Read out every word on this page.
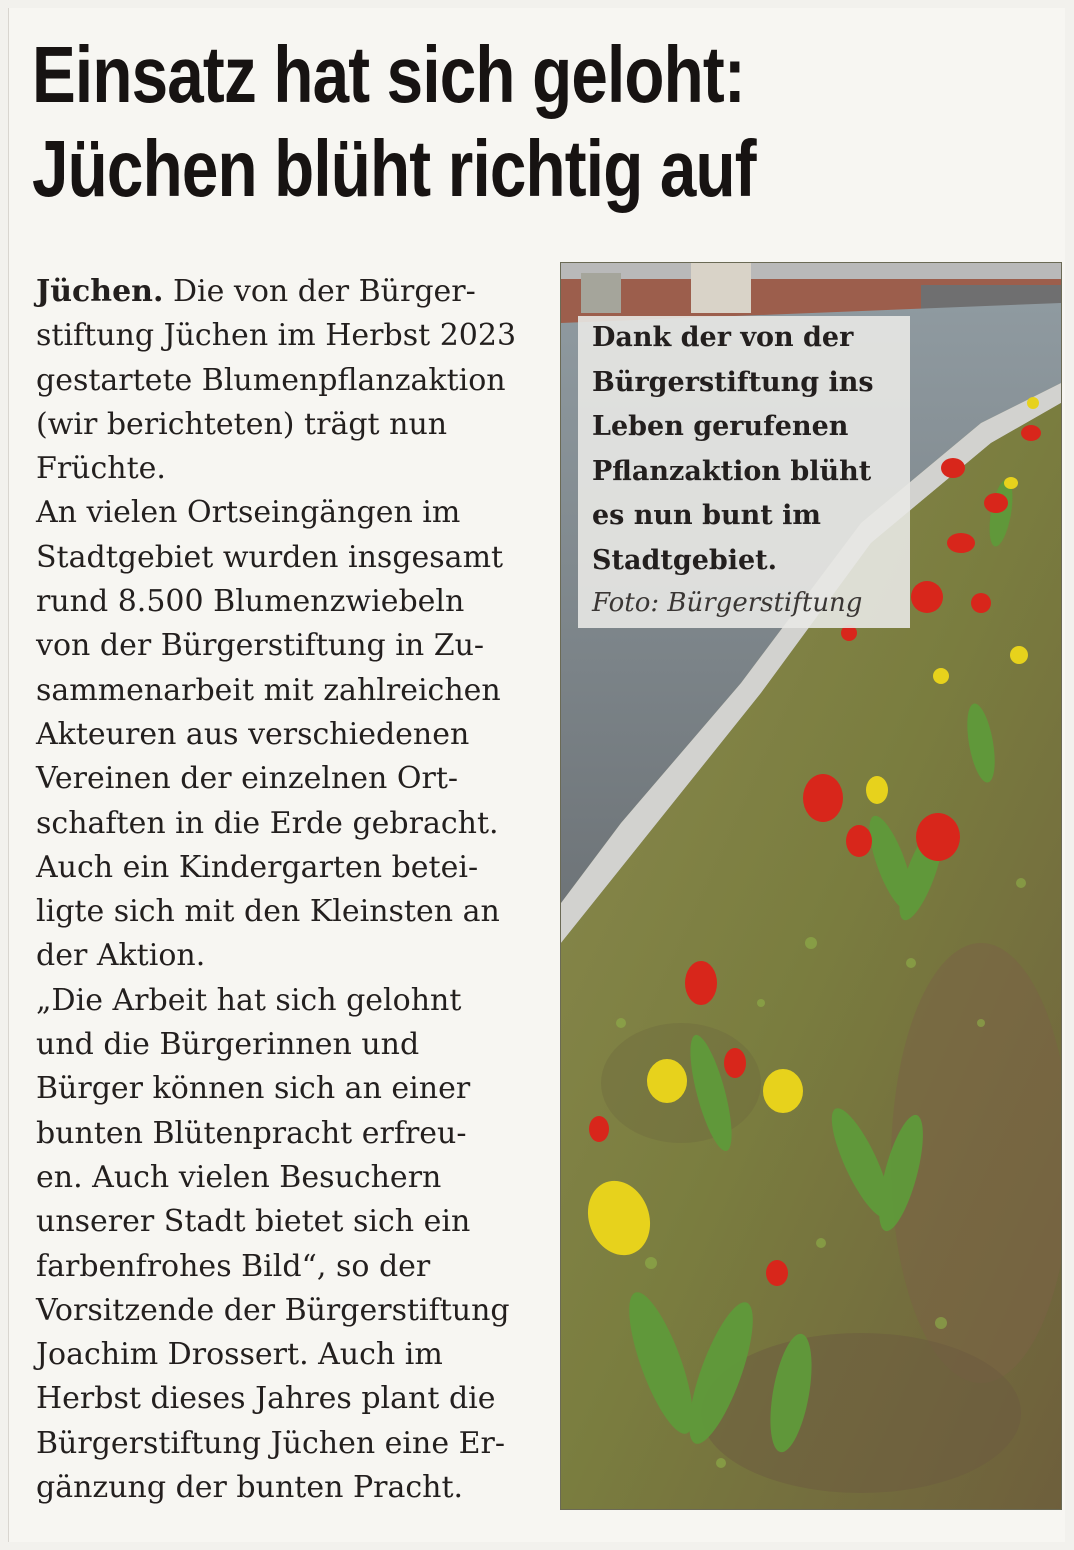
Einsatz hat sich geloht:
Jüchen blüht richtig auf
Jüchen. Die von der Bürger-
stiftung Jüchen im Herbst 2023
gestartete Blumenpflanzaktion
(wir berichteten) trägt nun
Früchte.
An vielen Ortseingängen im
Stadtgebiet wurden insgesamt
rund 8.500 Blumenzwiebeln
von der Bürgerstiftung in Zu-
sammenarbeit mit zahlreichen
Akteuren aus verschiedenen
Vereinen der einzelnen Ort-
schaften in die Erde gebracht.
Auch ein Kindergarten betei-
ligte sich mit den Kleinsten an
der Aktion.
„Die Arbeit hat sich gelohnt
und die Bürgerinnen und
Bürger können sich an einer
bunten Blütenpracht erfreu-
en. Auch vielen Besuchern
unserer Stadt bietet sich ein
farbenfrohes Bild“, so der
Vorsitzende der Bürgerstiftung
Joachim Drossert. Auch im
Herbst dieses Jahres plant die
Bürgerstiftung Jüchen eine Er-
gänzung der bunten Pracht.
Dank der von der
Bürgerstiftung ins
Leben gerufenen
Pflanzaktion blüht
es nun bunt im
Stadtgebiet.
Foto: Bürgerstiftung
